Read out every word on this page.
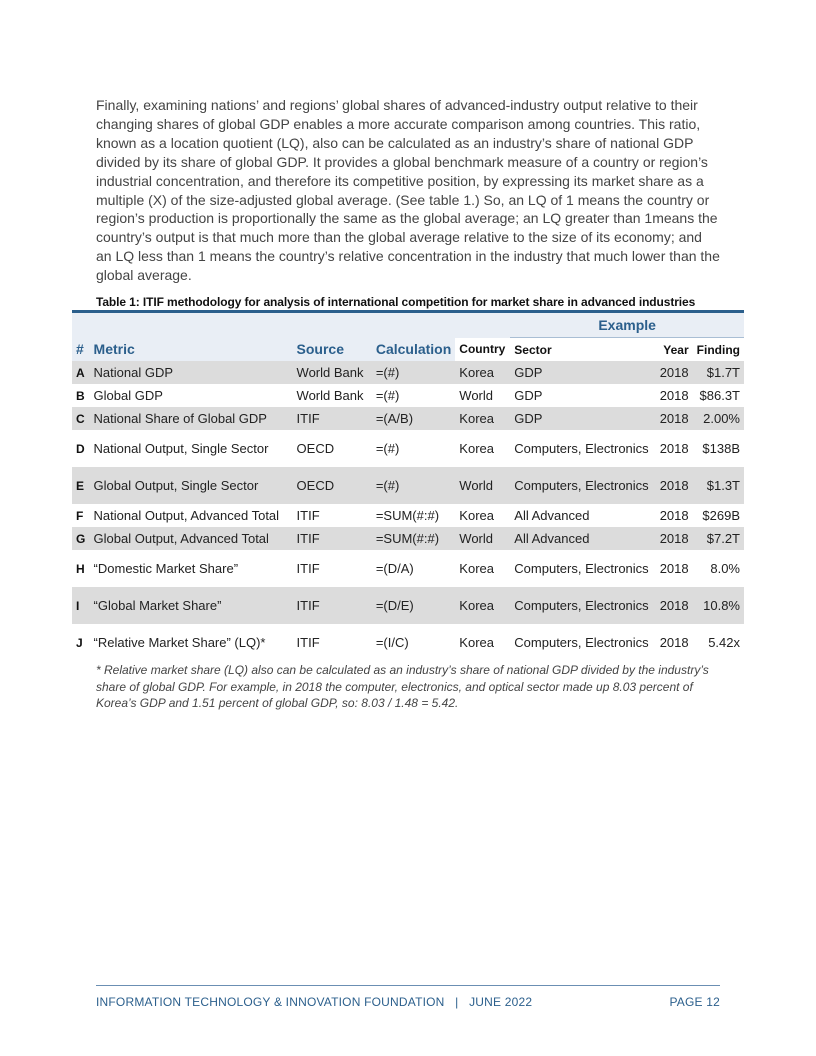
Finally, examining nations’ and regions’ global shares of advanced-industry output relative to their changing shares of global GDP enables a more accurate comparison among countries. This ratio, known as a location quotient (LQ), also can be calculated as an industry’s share of national GDP divided by its share of global GDP. It provides a global benchmark measure of a country or region’s industrial concentration, and therefore its competitive position, by expressing its market share as a multiple (X) of the size-adjusted global average. (See table 1.) So, an LQ of 1 means the country or region’s production is proportionally the same as the global average; an LQ greater than 1means the country’s output is that much more than the global average relative to the size of its economy; and an LQ less than 1 means the country’s relative concentration in the industry that much lower than the global average.

Table 1: ITIF methodology for analysis of international competition for market share in advanced industries
					Example		
#	Metric	Source	Calculation	Country	Sector	Year	Finding
A	National GDP	World Bank	=(#)	Korea	GDP	2018	$1.7T
B	Global GDP	World Bank	=(#)	World	GDP	2018	$86.3T
C	National Share of Global GDP	ITIF	=(A/B)	Korea	GDP	2018	2.00%
D	National Output, Single Sector	OECD	=(#)	Korea	Computers, Electronics	2018	$138B
E	Global Output, Single Sector	OECD	=(#)	World	Computers, Electronics	2018	$1.3T
F	National Output, Advanced Total	ITIF	=SUM(#:#)	Korea	All Advanced	2018	$269B
G	Global Output, Advanced Total	ITIF	=SUM(#:#)	World	All Advanced	2018	$7.2T
H	“Domestic Market Share”	ITIF	=(D/A)	Korea	Computers, Electronics	2018	8.0%
I	“Global Market Share”	ITIF	=(D/E)	Korea	Computers, Electronics	2018	10.8%
J	“Relative Market Share” (LQ)*	ITIF	=(I/C)	Korea	Computers, Electronics	2018	5.42x

* Relative market share (LQ) also can be calculated as an industry’s share of national GDP divided by the industry’s share of global GDP. For example, in 2018 the computer, electronics, and optical sector made up 8.03 percent of Korea’s GDP and 1.51 percent of global GDP, so: 8.03 / 1.48 = 5.42.

INFORMATION TECHNOLOGY & INNOVATION FOUNDATION   |   JUNE 2022	PAGE 12
